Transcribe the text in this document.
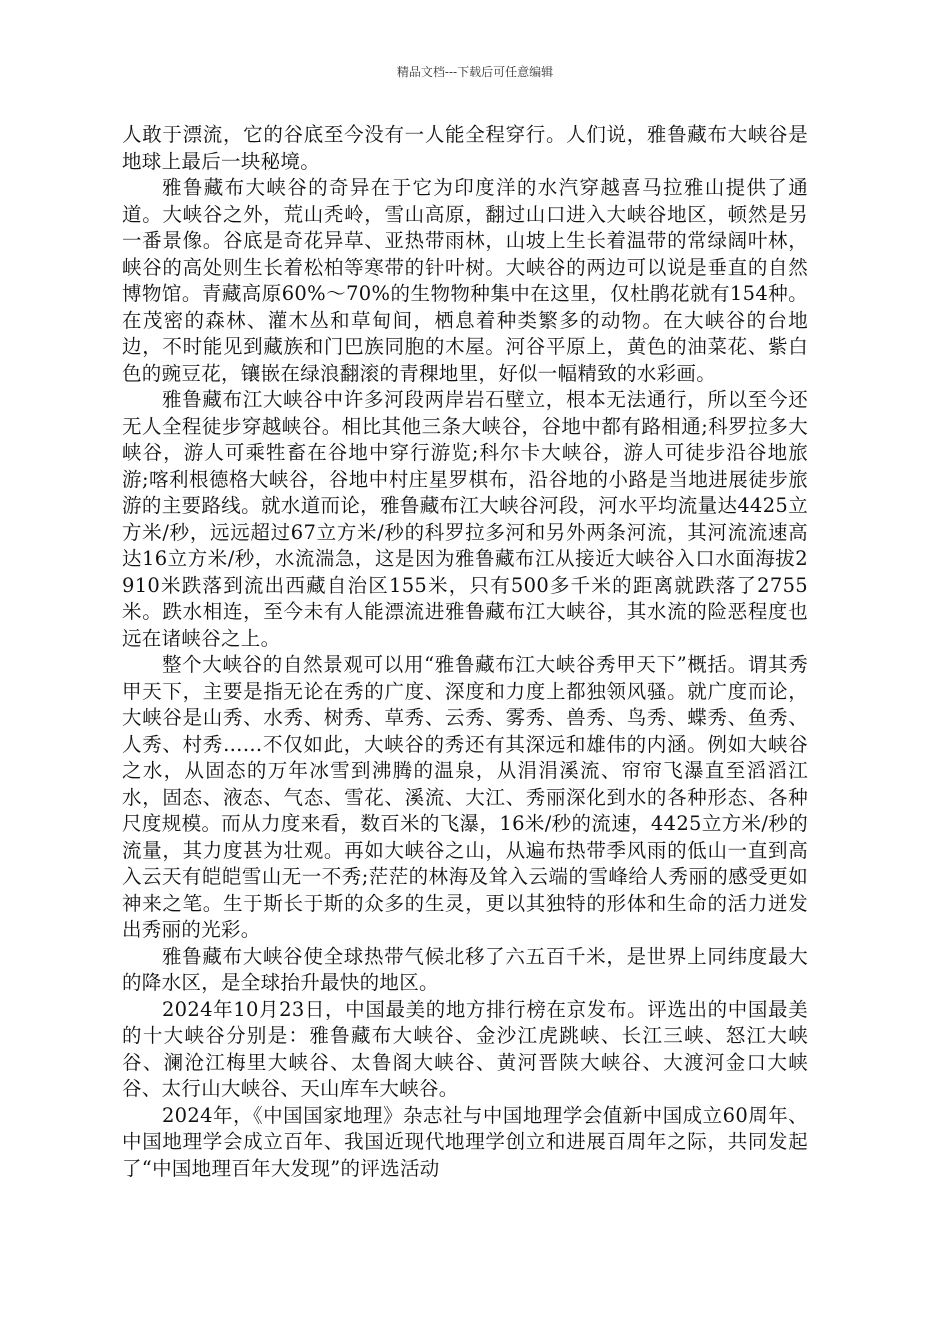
精品文档---下载后可任意编辑

人敢于漂流，它的谷底至今没有一人能全程穿行。人们说，雅鲁藏布大峡谷是地球上最后一块秘境。

雅鲁藏布大峡谷的奇异在于它为印度洋的水汽穿越喜马拉雅山提供了通道。大峡谷之外，荒山秃岭，雪山高原，翻过山口进入大峡谷地区，顿然是另一番景像。谷底是奇花异草、亚热带雨林，山坡上生长着温带的常绿阔叶林，峡谷的高处则生长着松柏等寒带的针叶树。大峡谷的两边可以说是垂直的自然博物馆。青藏高原60%～70%的生物物种集中在这里，仅杜鹃花就有154种。在茂密的森林、灌木丛和草甸间，栖息着种类繁多的动物。在大峡谷的台地边，不时能见到藏族和门巴族同胞的木屋。河谷平原上，黄色的油菜花、紫白色的豌豆花，镶嵌在绿浪翻滚的青稞地里，好似一幅精致的水彩画。

雅鲁藏布江大峡谷中许多河段两岸岩石壁立，根本无法通行，所以至今还无人全程徒步穿越峡谷。相比其他三条大峡谷，谷地中都有路相通;科罗拉多大峡谷，游人可乘牲畜在谷地中穿行游览;科尔卡大峡谷，游人可徒步沿谷地旅游;喀利根德格大峡谷，谷地中村庄星罗棋布，沿谷地的小路是当地进展徒步旅游的主要路线。就水道而论，雅鲁藏布江大峡谷河段，河水平均流量达4425立方米/秒，远远超过67立方米/秒的科罗拉多河和另外两条河流，其河流流速高达16立方米/秒，水流湍急，这是因为雅鲁藏布江从接近大峡谷入口水面海拔2910米跌落到流出西藏自治区155米，只有500多千米的距离就跌落了2755米。跌水相连，至今未有人能漂流进雅鲁藏布江大峡谷，其水流的险恶程度也远在诸峡谷之上。

整个大峡谷的自然景观可以用“雅鲁藏布江大峡谷秀甲天下”概括。谓其秀甲天下，主要是指无论在秀的广度、深度和力度上都独领风骚。就广度而论，大峡谷是山秀、水秀、树秀、草秀、云秀、雾秀、兽秀、鸟秀、蝶秀、鱼秀、人秀、村秀……不仅如此，大峡谷的秀还有其深远和雄伟的内涵。例如大峡谷之水，从固态的万年冰雪到沸腾的温泉，从涓涓溪流、帘帘飞瀑直至滔滔江水，固态、液态、气态、雪花、溪流、大江、秀丽深化到水的各种形态、各种尺度规模。而从力度来看，数百米的飞瀑，16米/秒的流速，4425立方米/秒的流量，其力度甚为壮观。再如大峡谷之山，从遍布热带季风雨的低山一直到高入云天有皑皑雪山无一不秀;茫茫的林海及耸入云端的雪峰给人秀丽的感受更如神来之笔。生于斯长于斯的众多的生灵，更以其独特的形体和生命的活力迸发出秀丽的光彩。

雅鲁藏布大峡谷使全球热带气候北移了六五百千米，是世界上同纬度最大的降水区，是全球抬升最快的地区。

2024年10月23日，中国最美的地方排行榜在京发布。评选出的中国最美的十大峡谷分别是：雅鲁藏布大峡谷、金沙江虎跳峡、长江三峡、怒江大峡谷、澜沧江梅里大峡谷、太鲁阁大峡谷、黄河晋陕大峡谷、大渡河金口大峡谷、太行山大峡谷、天山库车大峡谷。

2024年，《中国国家地理》杂志社与中国地理学会值新中国成立60周年、中国地理学会成立百年、我国近现代地理学创立和进展百周年之际，共同发起了“中国地理百年大发现”的评选活动
